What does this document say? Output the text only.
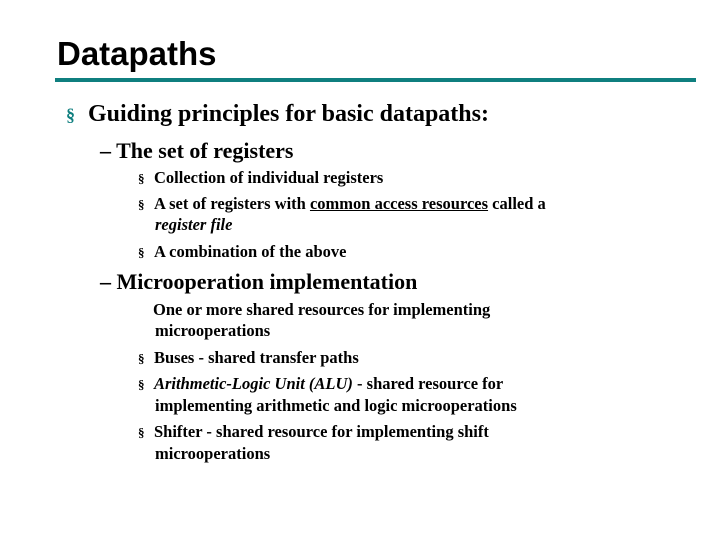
Datapaths
§ Guiding principles for basic datapaths:
– The set of registers
§ Collection of individual registers
§ A set of registers with common access resources called a
register file
§ A combination of the above
– Microoperation implementation
One or more shared resources for implementing
microoperations
§ Buses - shared transfer paths
§ Arithmetic-Logic Unit (ALU) - shared resource for
implementing arithmetic and logic microoperations
§ Shifter - shared resource for implementing shift
microoperations
